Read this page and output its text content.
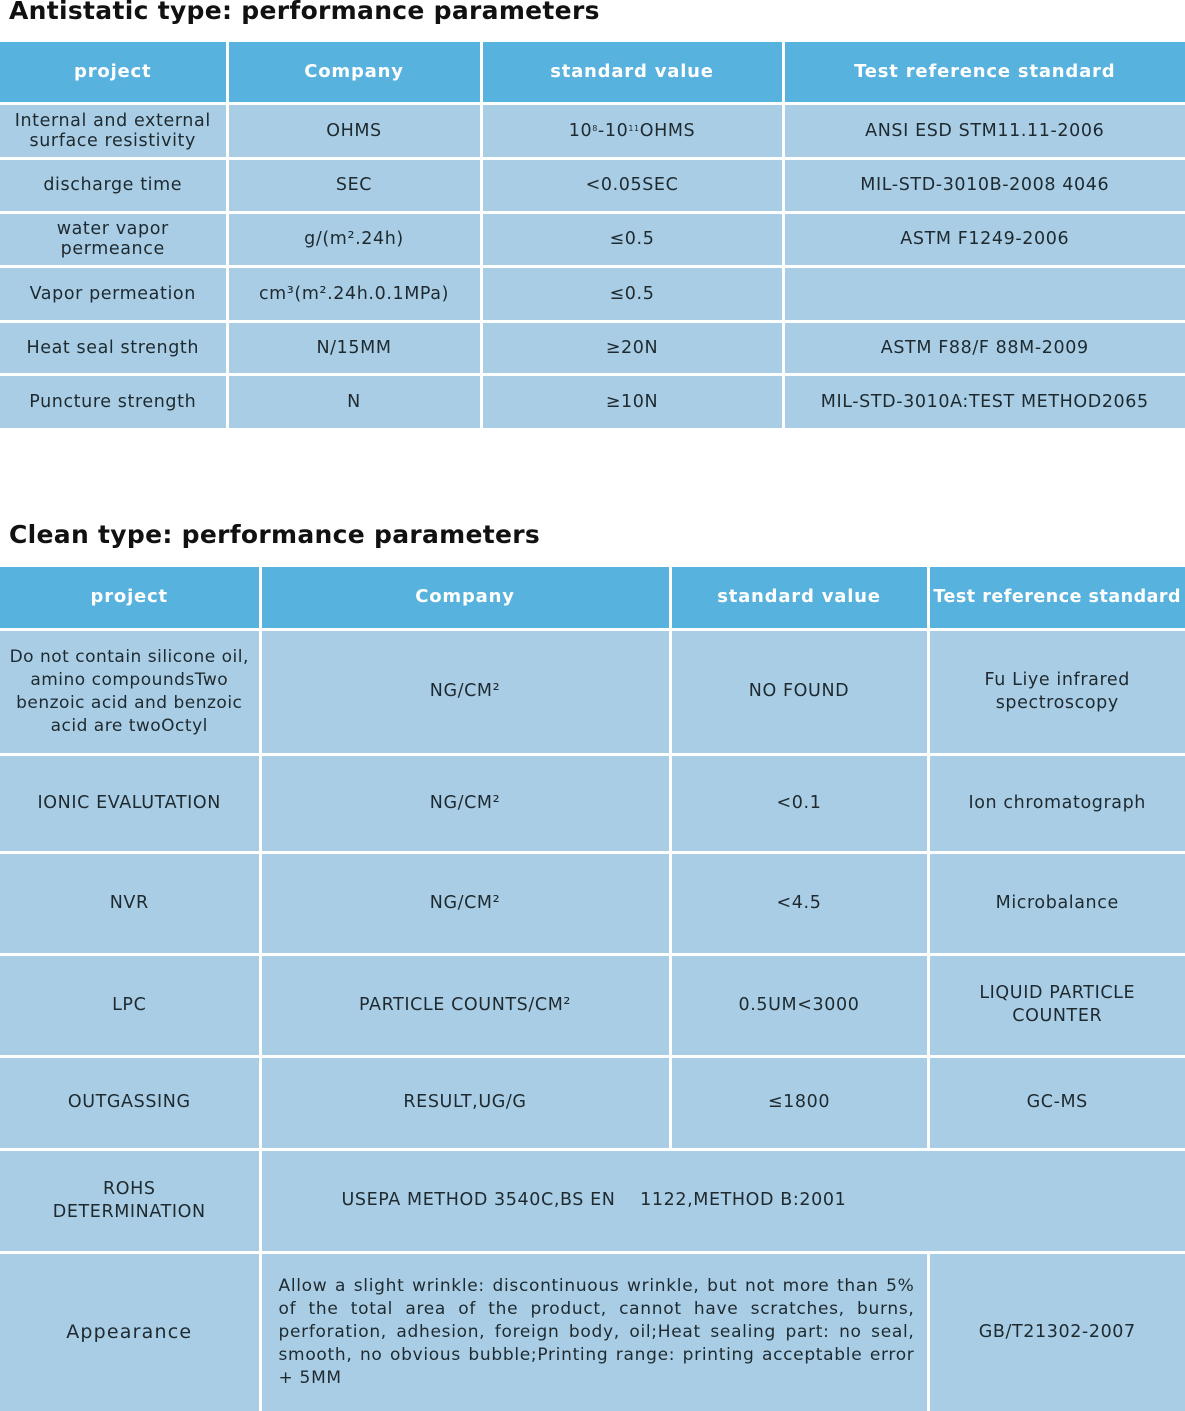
Antistatic type: performance parameters
project	Company	standard value	Test reference standard
Internal and external surface resistivity	OHMS	$10^8-10^{11}OHMS$	ANSI ESD STM11.11-2006
discharge time	SEC	<0.05SEC	MIL-STD-3010B-2008 4046
water vapor permeance	g/(m².24h)	≤0.5	ASTM F1249-2006
Vapor permeation	cm³(m².24h.0.1MPa)	≤0.5	
Heat seal strength	N/15MM	≥20N	ASTM F88/F 88M-2009
Puncture strength	N	≥10N	MIL-STD-3010A:TEST METHOD2065
Clean type: performance parameters
project	Company	standard value	Test reference standard
Do not contain silicone oil, amino compoundsTwo benzoic acid and benzoic acid are twoOctyl	NG/CM²	NO FOUND	Fu Liye infrared spectroscopy
IONIC EVALUTATION	NG/CM²	<0.1	Ion chromatograph
NVR	NG/CM²	<4.5	Microbalance
LPC	PARTICLE COUNTS/CM²	0.5UM<3000	LIQUID PARTICLE COUNTER
OUTGASSING	RESULT,UG/G	≤1800	GC-MS
ROHS DETERMINATION	USEPA METHOD 3540C,BS EN    1122,METHOD B:2001		
Appearance	Allow a slight wrinkle: discontinuous wrinkle, but not more than 5% of the total area of the product, cannot have scratches, burns, perforation, adhesion, foreign body, oil;Heat sealing part: no seal, smooth, no obvious bubble;Printing range: printing acceptable error + 5MM		GB/T21302-2007
